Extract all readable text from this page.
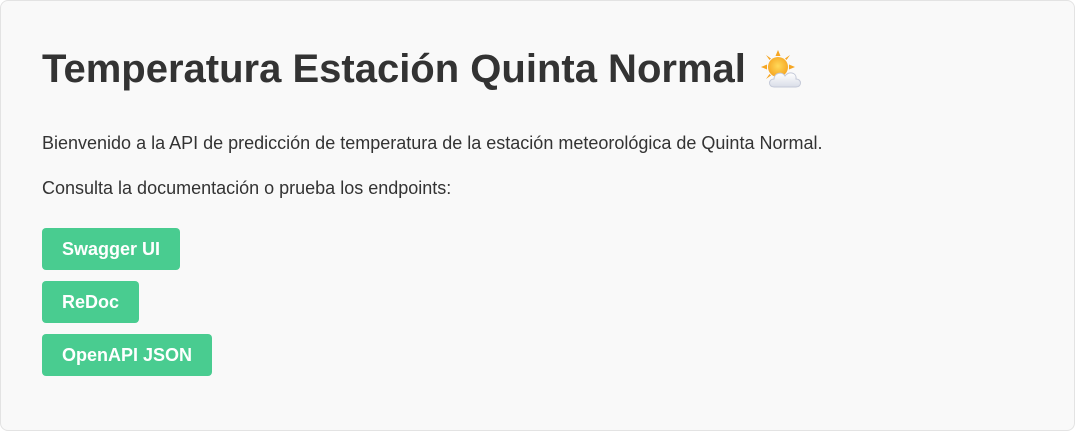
Temperatura Estación Quinta Normal

Bienvenido a la API de predicción de temperatura de la estación meteorológica de Quinta Normal.

Consulta la documentación o prueba los endpoints:

Swagger UI
ReDoc
OpenAPI JSON
